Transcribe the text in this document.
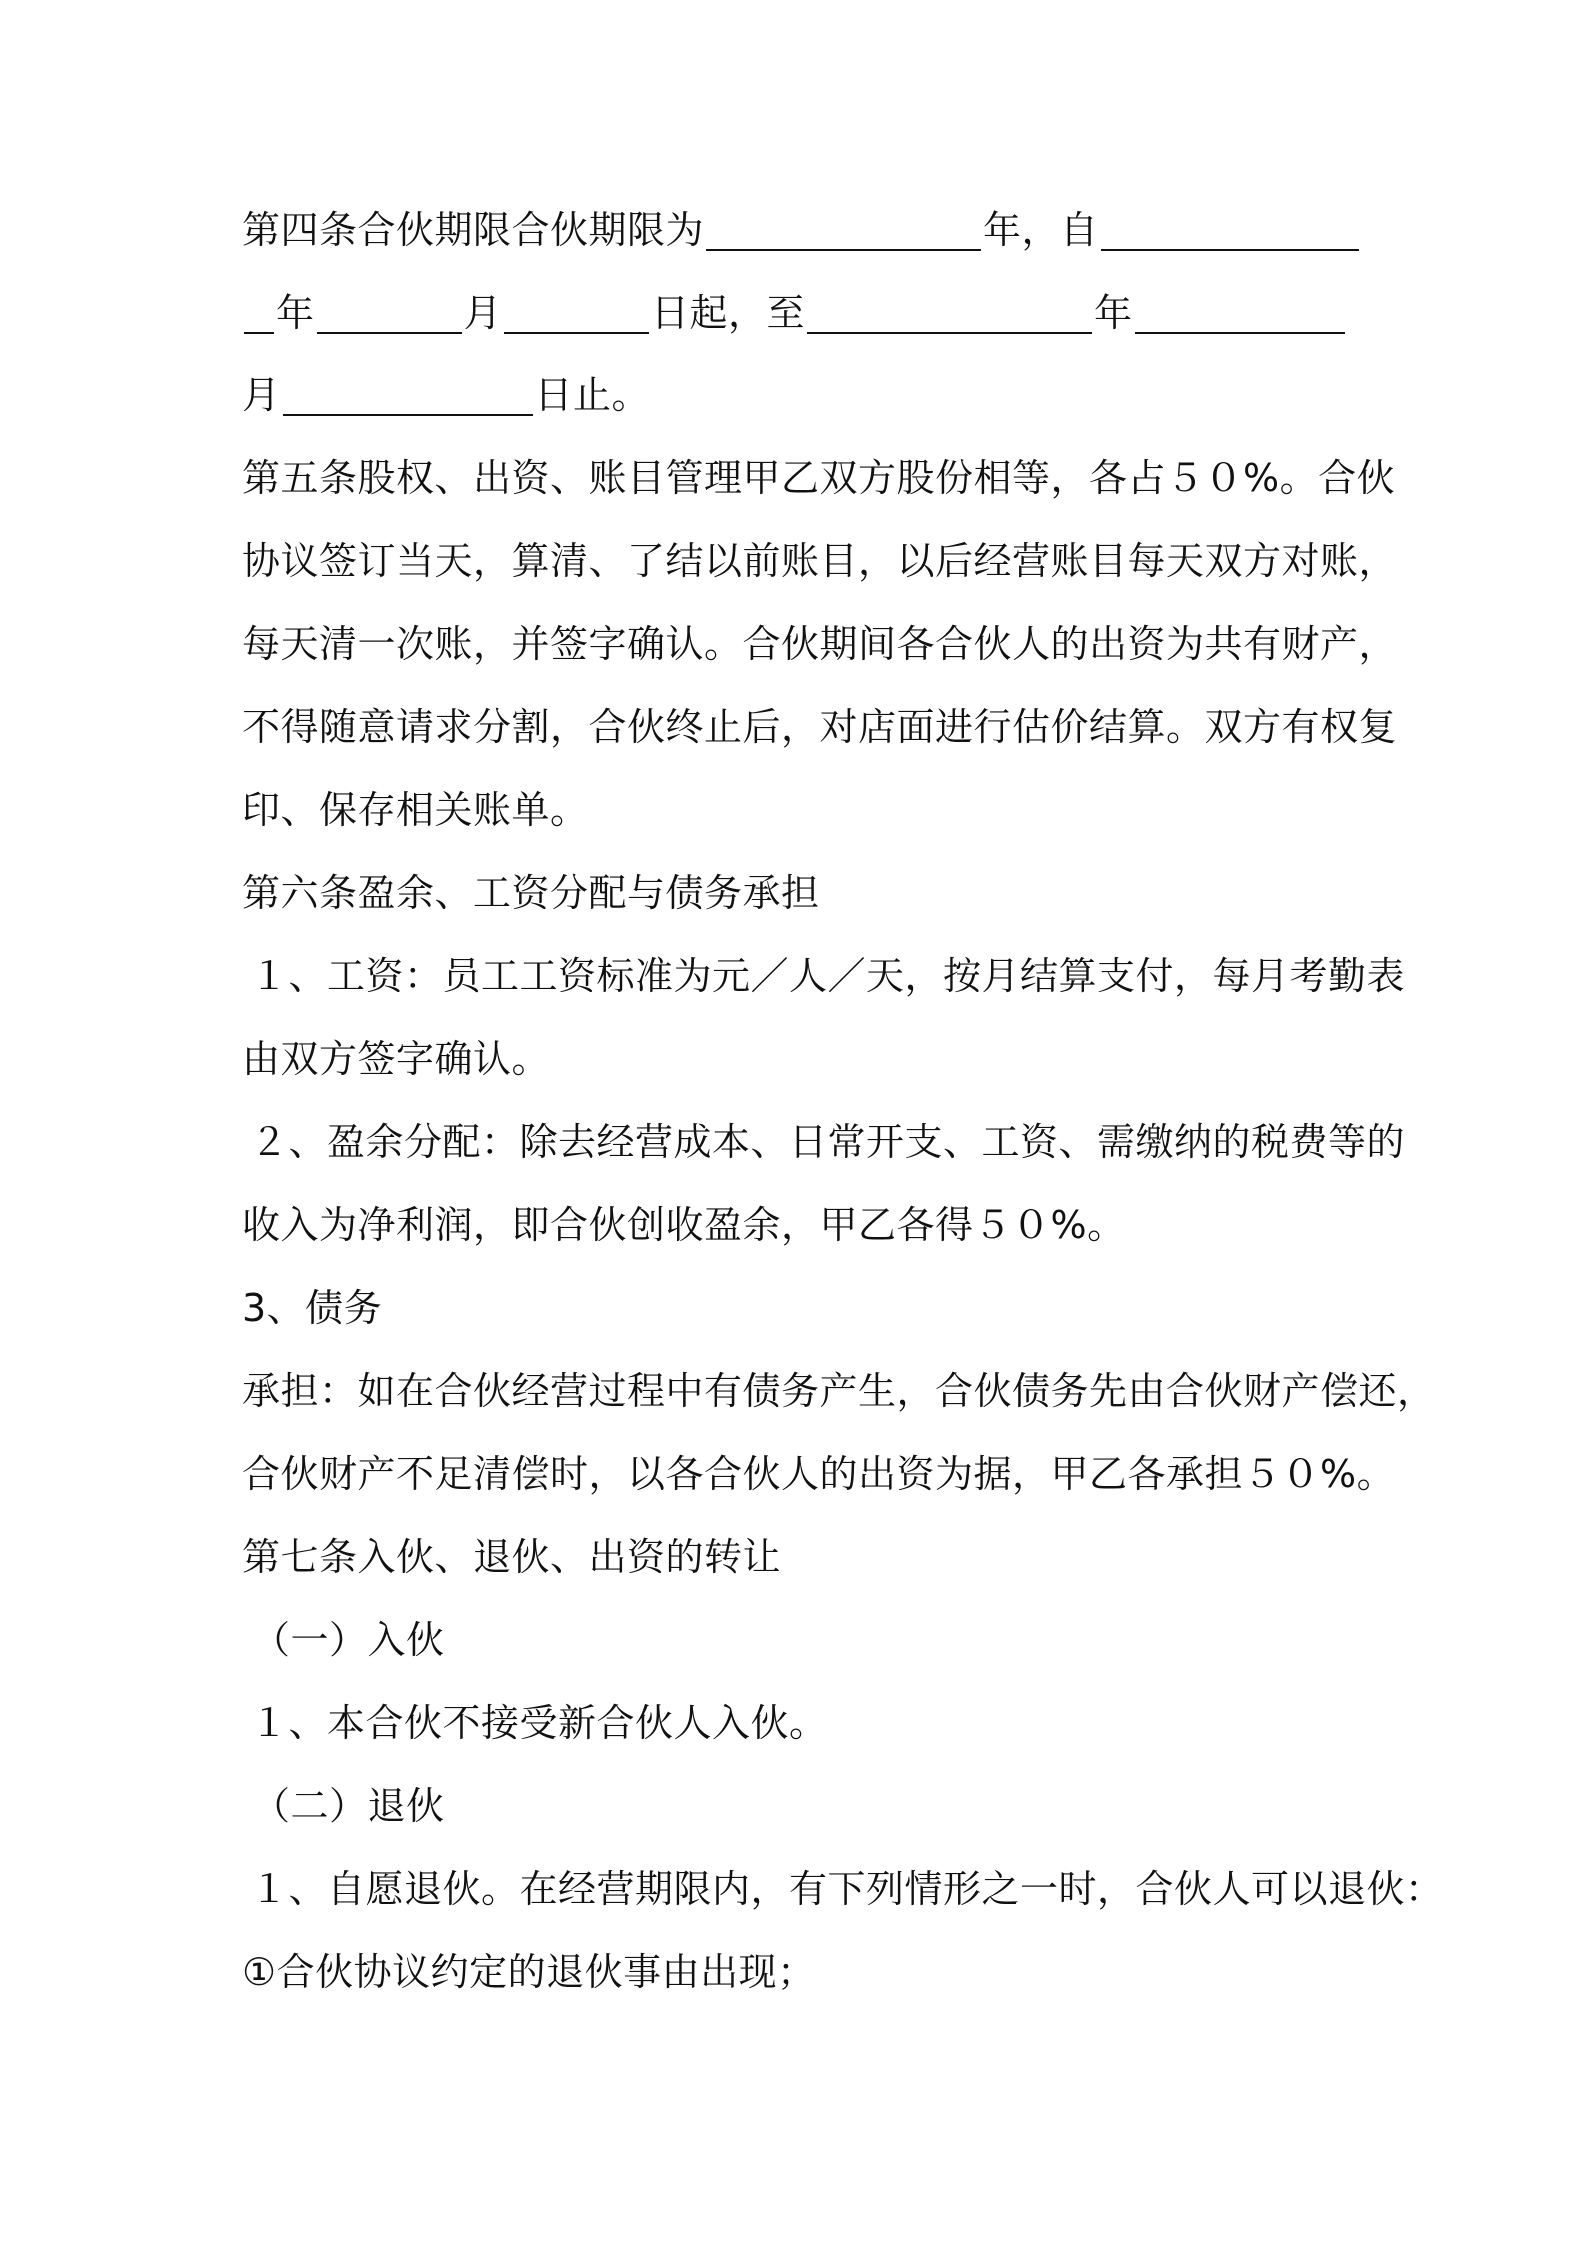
第四条合伙期限合伙期限为	年，自
年	月	日起，至	年
月	日止。
第五条股权、出资、账目管理甲乙双方股份相等，各占５０%。合伙
协议签订当天，算清、了结以前账目，以后经营账目每天双方对账，
每天清一次账，并签字确认。合伙期间各合伙人的出资为共有财产，
不得随意请求分割，合伙终止后，对店面进行估价结算。双方有权复
印、保存相关账单。
第六条盈余、工资分配与债务承担
１、工资：员工工资标准为元／人／天，按月结算支付，每月考勤表
由双方签字确认。
２、盈余分配：除去经营成本、日常开支、工资、需缴纳的税费等的
收入为净利润，即合伙创收盈余，甲乙各得５０%。
3、债务
承担：如在合伙经营过程中有债务产生，合伙债务先由合伙财产偿还，
合伙财产不足清偿时，以各合伙人的出资为据，甲乙各承担５０%。
第七条入伙、退伙、出资的转让
（一）入伙
１、本合伙不接受新合伙人入伙。
（二）退伙
１、自愿退伙。在经营期限内，有下列情形之一时，合伙人可以退伙：
①合伙协议约定的退伙事由出现；
